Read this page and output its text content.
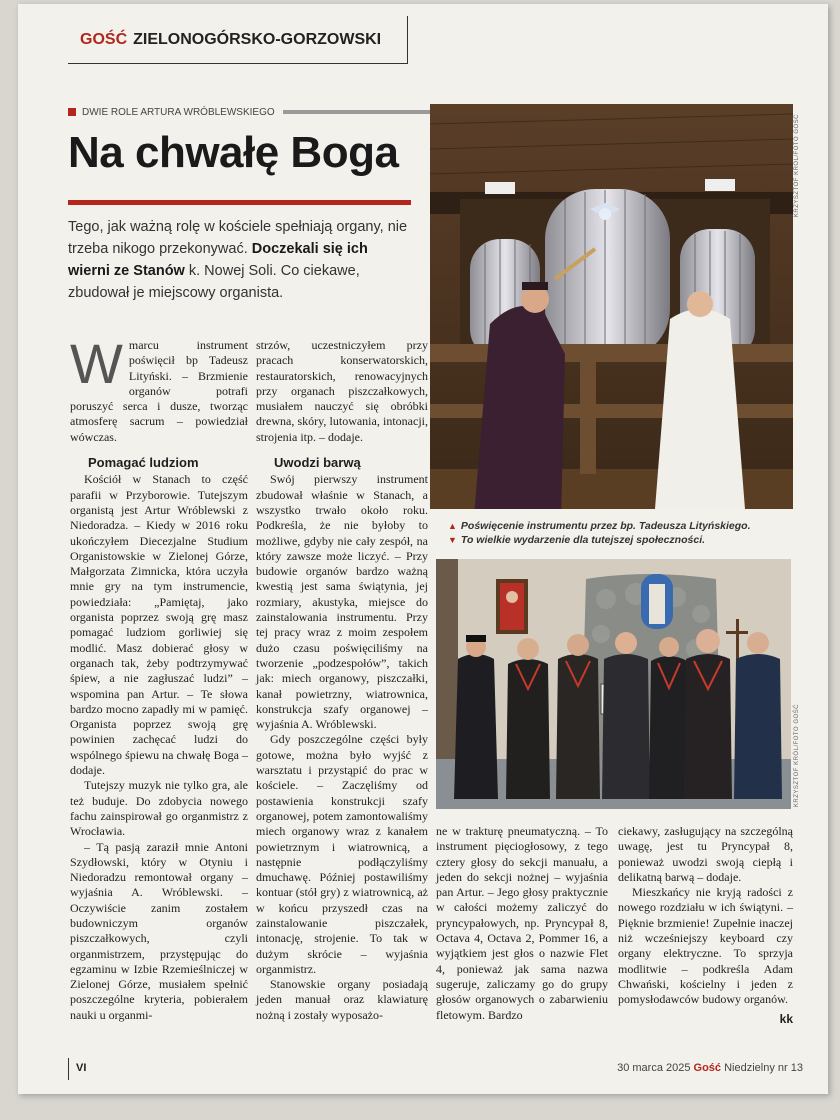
GOŚĆ ZIELONOGÓRSKO-GORZOWSKI
DWIE ROLE ARTURA WRÓBLEWSKIEGO
Na chwałę Boga

Tego, jak ważną rolę w kościele spełniają organy, nie trzeba nikogo przekonywać. Doczekali się ich wierni ze Stanów k. Nowej Soli. Co ciekawe, zbudował je miejscowy organista.

W marcu instrument poświęcił bp Tadeusz Lityński. – Brzmienie organów potrafi poruszyć serca i dusze, tworząc atmosferę sacrum – powiedział wówczas.

Pomagać ludziom

Kościół w Stanach to część parafii w Przyborowie. Tutejszym organistą jest Artur Wróblewski z Niedoradza. – Kiedy w 2016 roku ukończyłem Diecezjalne Studium Organistowskie w Zielonej Górze, Małgorzata Zimnicka, która uczyła mnie gry na tym instrumencie, powiedziała: „Pamiętaj, jako organista poprzez swoją grę masz pomagać ludziom gorliwiej się modlić. Masz dobierać głosy w organach tak, żeby podtrzymywać śpiew, a nie zagłuszać ludzi” – wspomina pan Artur. – Te słowa bardzo mocno zapadły mi w pamięć. Organista poprzez swoją grę powinien zachęcać ludzi do wspólnego śpiewu na chwałę Boga – dodaje.

Tutejszy muzyk nie tylko gra, ale też buduje. Do zdobycia nowego fachu zainspirował go organmistrz z Wrocławia.

– Tą pasją zaraził mnie Antoni Szydłowski, który w Otyniu i Niedoradzu remontował organy – wyjaśnia A. Wróblewski. – Oczywiście zanim zostałem budowniczym organów piszczałkowych, czyli organmistrzem, przystępując do egzaminu w Izbie Rzemieślniczej w Zielonej Górze, musiałem spełnić poszczególne kryteria, pobierałem nauki u organmi-

strzów, uczestniczyłem przy pracach konserwatorskich, restauratorskich, renowacyjnych przy organach piszczałkowych, musiałem nauczyć się obróbki drewna, skóry, lutowania, intonacji, strojenia itp. – dodaje.

Uwodzi barwą

Swój pierwszy instrument zbudował właśnie w Stanach, a wszystko trwało około roku. Podkreśla, że nie byłoby to możliwe, gdyby nie cały zespół, na który zawsze może liczyć. – Przy budowie organów bardzo ważną kwestią jest sama świątynia, jej rozmiary, akustyka, miejsce do zainstalowania instrumentu. Przy tej pracy wraz z moim zespołem dużo czasu poświęciliśmy na tworzenie „podzespołów”, takich jak: miech organowy, piszczałki, kanał powietrzny, wiatrownica, konstrukcja szafy organowej – wyjaśnia A. Wróblewski.

Gdy poszczególne części były gotowe, można było wyjść z warsztatu i przystąpić do prac w kościele. – Zaczęliśmy od postawienia konstrukcji szafy organowej, potem zamontowaliśmy miech organowy wraz z kanałem powietrznym i wiatrownicą, a następnie podłączyliśmy dmuchawę. Później postawiliśmy kontuar (stół gry) z wiatrownicą, aż w końcu przyszedł czas na zainstalowanie piszczałek, intonację, strojenie. To tak w dużym skrócie – wyjaśnia organmistrz.

Stanowskie organy posiadają jeden manuał oraz klawiaturę nożną i zostały wyposażo-

ne w trakturę pneumatyczną. – To instrument pięciogłosowy, z tego cztery głosy do sekcji manuału, a jeden do sekcji nożnej – wyjaśnia pan Artur. – Jego głosy praktycznie w całości możemy zaliczyć do pryncypałowych, np. Pryncypał 8, Octava 4, Octava 2, Pommer 16, a wyjątkiem jest głos o nazwie Flet 4, ponieważ jak sama nazwa sugeruje, zaliczamy go do grupy głosów organowych o zabarwieniu fletowym. Bardzo

ciekawy, zasługujący na szczególną uwagę, jest tu Pryncypał 8, ponieważ uwodzi swoją ciepłą i delikatną barwą – dodaje.

Mieszkańcy nie kryją radości z nowego rozdziału w ich świątyni. – Pięknie brzmienie! Zupełnie inaczej niż wcześniejszy keyboard czy organy elektryczne. To sprzyja modlitwie – podkreśla Adam Chwański, kościelny i jeden z pomysłodawców budowy organów.

kk
KRZYSZTOF KRÓL/FOTO GOŚĆ
▲ Poświęcenie instrumentu przez bp. Tadeusza Lityńskiego.
▼ To wielkie wydarzenie dla tutejszej społeczności.
KRZYSZTOF KRÓL/FOTO GOŚĆ
VI	30 marca 2025 Gość Niedzielny nr 13
